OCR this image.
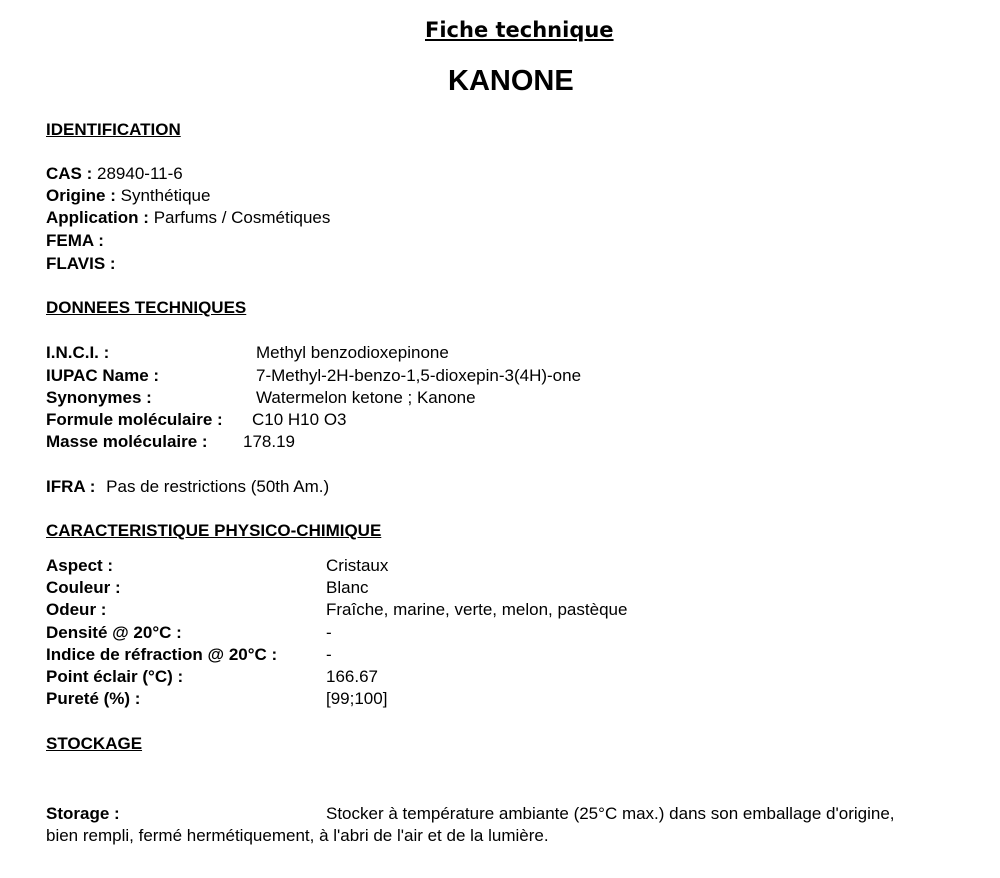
Fiche technique
KANONE
IDENTIFICATION
CAS : 28940-11-6
Origine : Synthétique
Application : Parfums / Cosmétiques
FEMA :
FLAVIS :
DONNEES TECHNIQUES
I.N.C.I. :	Methyl benzodioxepinone
IUPAC Name :	7-Methyl-2H-benzo-1,5-dioxepin-3(4H)-one
Synonymes :	Watermelon ketone ; Kanone
Formule moléculaire : C10 H10 O3
Masse moléculaire : 178.19
IFRA : Pas de restrictions (50th Am.)
CARACTERISTIQUE PHYSICO-CHIMIQUE
Aspect :	Cristaux
Couleur :	Blanc
Odeur :	Fraîche, marine, verte, melon, pastèque
Densité @ 20°C :	-
Indice de réfraction @ 20°C :	-
Point éclair (°C) :	166.67
Pureté (%) :	[99;100]
STOCKAGE
Storage :	Stocker à température ambiante (25°C max.) dans son emballage d'origine,
bien rempli, fermé hermétiquement, à l'abri de l'air et de la lumière.
